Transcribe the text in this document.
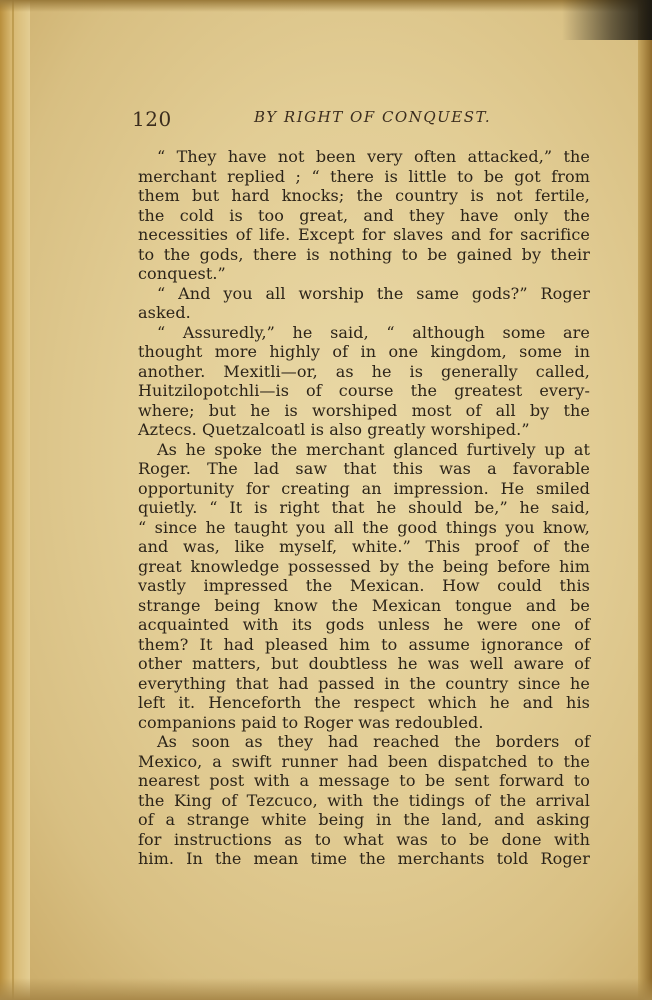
120	BY RIGHT OF CONQUEST.
“ They have not been very often attacked,” the
merchant replied ; “ there is little to be got from
them but hard knocks; the country is not fertile,
the cold is too great, and they have only the
necessities of life. Except for slaves and for sacrifice
to the gods, there is nothing to be gained by their
conquest.”
“ And you all worship the same gods?” Roger
asked.
“ Assuredly,” he said, “ although some are
thought more highly of in one kingdom, some in
another. Mexitli—or, as he is generally called,
Huitzilopotchli—is of course the greatest every-
where; but he is worshiped most of all by the
Aztecs. Quetzalcoatl is also greatly worshiped.”
As he spoke the merchant glanced furtively up at
Roger. The lad saw that this was a favorable
opportunity for creating an impression. He smiled
quietly. “ It is right that he should be,” he said,
“ since he taught you all the good things you know,
and was, like myself, white.” This proof of the
great knowledge possessed by the being before him
vastly impressed the Mexican. How could this
strange being know the Mexican tongue and be
acquainted with its gods unless he were one of
them? It had pleased him to assume ignorance of
other matters, but doubtless he was well aware of
everything that had passed in the country since he
left it. Henceforth the respect which he and his
companions paid to Roger was redoubled.
As soon as they had reached the borders of
Mexico, a swift runner had been dispatched to the
nearest post with a message to be sent forward to
the King of Tezcuco, with the tidings of the arrival
of a strange white being in the land, and asking
for instructions as to what was to be done with
him. In the mean time the merchants told Roger
